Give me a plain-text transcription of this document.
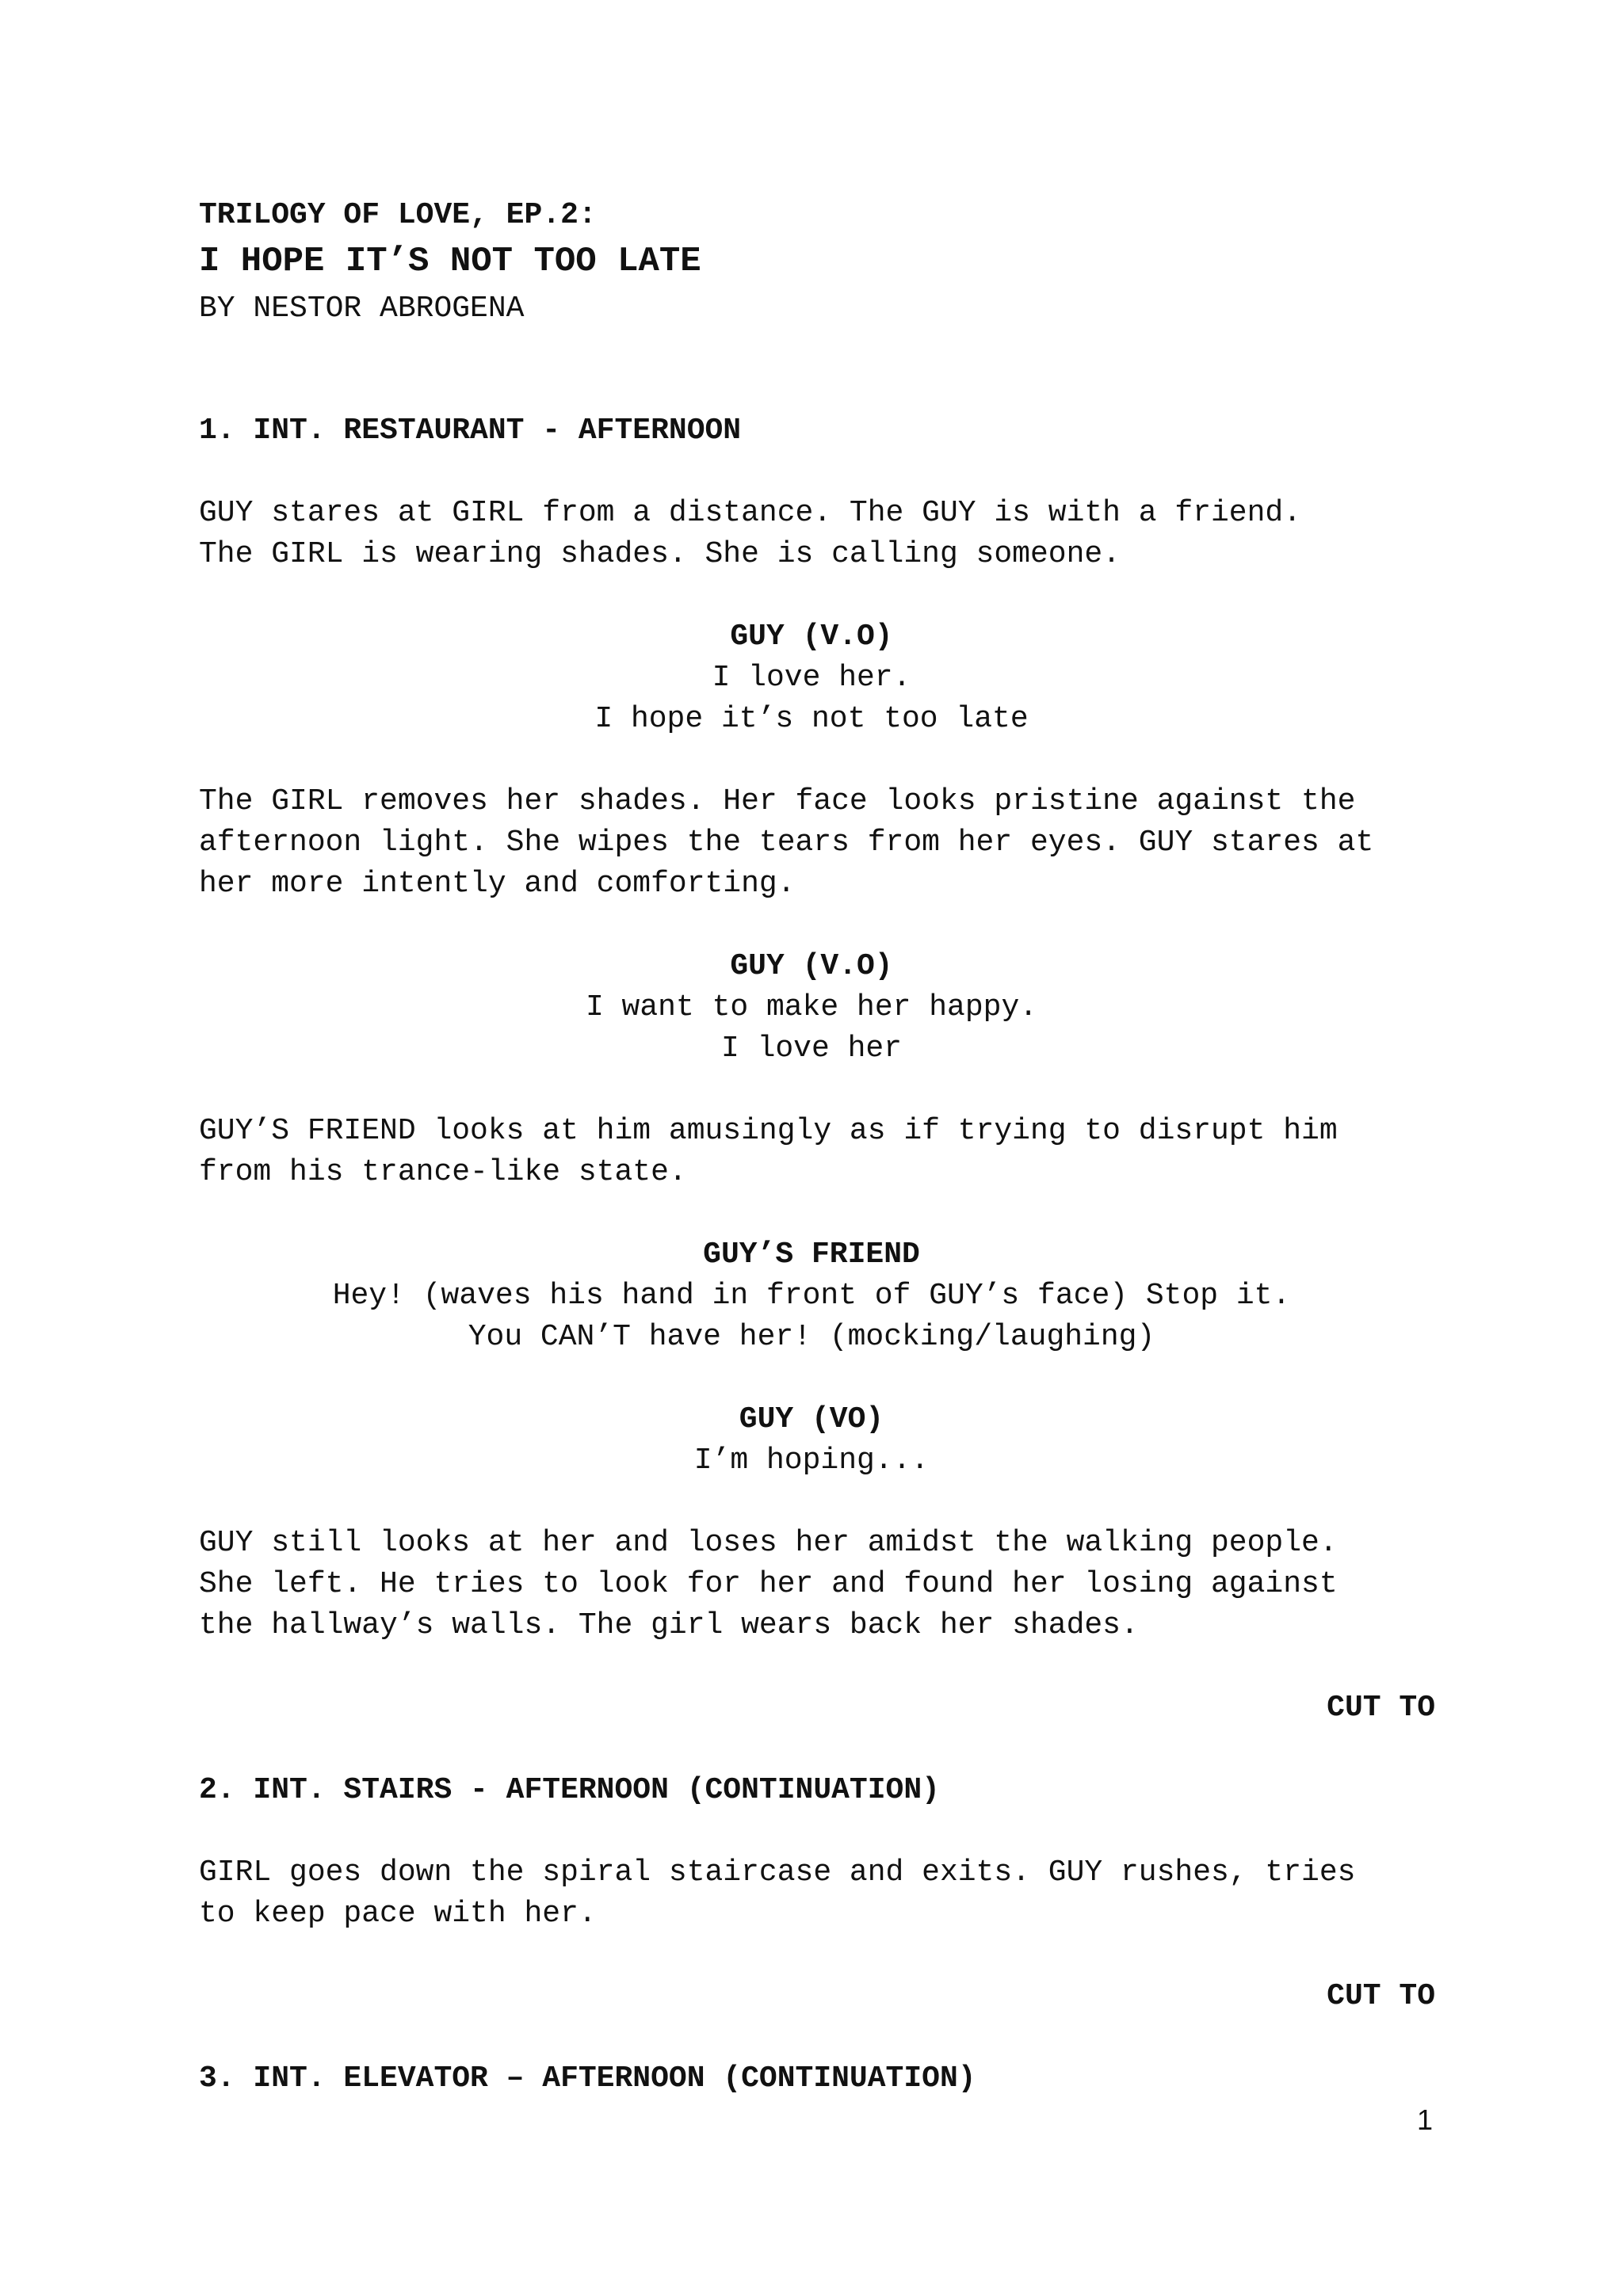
TRILOGY OF LOVE, EP.2:
I HOPE IT’S NOT TOO LATE
BY NESTOR ABROGENA
1. INT. RESTAURANT - AFTERNOON
GUY stares at GIRL from a distance. The GUY is with a friend.
The GIRL is wearing shades. She is calling someone.
GUY (V.O)
I love her.
I hope it’s not too late
The GIRL removes her shades. Her face looks pristine against the
afternoon light. She wipes the tears from her eyes. GUY stares at
her more intently and comforting.
GUY (V.O)
I want to make her happy.
I love her
GUY’S FRIEND looks at him amusingly as if trying to disrupt him
from his trance-like state.
GUY’S FRIEND
Hey! (waves his hand in front of GUY’s face) Stop it.
You CAN’T have her! (mocking/laughing)
GUY (VO)
I’m hoping...
GUY still looks at her and loses her amidst the walking people.
She left. He tries to look for her and found her losing against
the hallway’s walls. The girl wears back her shades.
CUT TO
2. INT. STAIRS - AFTERNOON (CONTINUATION)
GIRL goes down the spiral staircase and exits. GUY rushes, tries
to keep pace with her.
CUT TO
3. INT. ELEVATOR – AFTERNOON (CONTINUATION)
1
